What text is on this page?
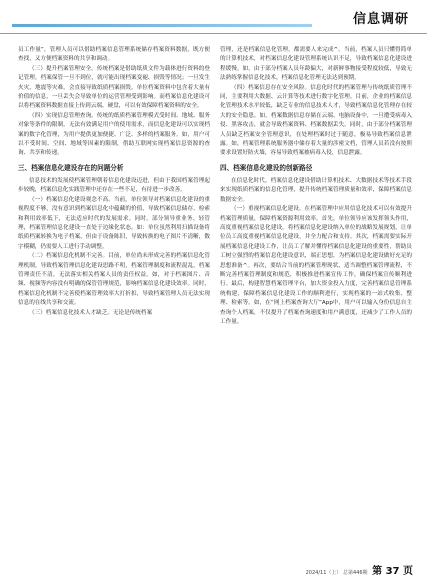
信息调研

员工作量”，管理人员可以借助档案信息管理系统储存档案资料数据，既方便查找，又方便档案资料的共享和调动。

（三）提升档案管理安全。传统档案是借助纸质文件为载体进行资料的登记管理，档案保管一旦不到位，就可能出现档案变褪、损毁等情况；一旦发生火灾、地震等灾难，会直接导致纸质档案损毁。单位档案资料中包含着大量有价值的信息，一旦丢失会导致单位的运营管理受到影响。而档案信息化建设可以将档案资料数据直接上传到云端、硬盘，可以有效保障档案资料的安全。

（四）实现信息管理查询。传统的纸质档案管理模式受时间、地域、服务对象等条件的限制，无法有效满足用户的使用需求，而信息化建设可以实现档案的数字化管理，为用户提供更加便捷、广泛、多样的档案服务。如，用户可以不受时间、空间、地域等因素的限制，借助互联网实现档案信息资源的查询、共享和传递。

三、档案信息化建设存在的问题分析

信息技术的发展使档案管理朝着信息化建设迈进，但由于我国档案管理起步较晚，档案信息化实践管理中还存在一些不足，有待进一步改善。

（一）档案信息化建设观念不高。当前，单位领导对档案信息化建设的重视程度不够，没有意识到档案信息化中蕴藏的价值，导致档案信息储存、检索和利用效率低下，无法适应时代的发展需求。同时，部分领导重业务、轻管理，档案管理信息化建设一直处于边缘化状态。如：单位虽然利用扫描设备将纸质档案转换为电子档案，但由于设备陈旧，导致转换的电子图片不清晰，数字模糊，仍需要人工进行手动调整。

（二）档案信息化机制不完善。目前，单位尚未形成完善的档案信息化管理机制，导致档案管理信息化建设思路不明，档案管理制度和流程混乱，档案管理责任不清，无法落实相关档案人员的责任权益。如，对于档案图片、音频、视频等内容没有明确的保管管理规范，影响档案信息化建设效率。同时，档案信息化机制不完善使档案管理效率大打折扣，导致档案管理人员无法实现信息的在线共享和交流。

（三）档案信息化技术人才缺乏。无论是传统档案

管理，还是档案信息化管理，都需要人来完成^。当前，档案人员只懂得简单的计算机技术，对档案信息化建设管理系统认识不足，导致档案信息化建设进程缓慢。如，由于部分档案人员年龄偏大，对新鲜事物接受程度较低，导致无法熟练掌握信息化技术，档案信息化管理无法达到预期。

（四）档案信息存在安全风险。信息化时代的档案管理与传统纸质管理不同，主要利用大数据、云计算等技术进行数字化管理。目前，企业的档案信息化管理技术水平较低，缺乏专业的信息技术人才，导致档案信息化管理存在较大的安全隐患。如，档案数据信息存储在云端、电脑设备中，一旦遭受病毒入侵、黑客攻击，就会导致档案资料、档案数据丢失。同时，由于部分档案管理人员缺乏档案安全管理意识，在处理档案时过于随意，极易导致档案信息泄露。如，档案管理系统服务器中储存着大量的涉密文档，管理人员若没有按照要求设置好防火墙，容易导致档案被病毒入侵，信息泄露。

四、档案信息化建设的创新路径

在信息化时代，档案信息化建设借助计算机技术、大数据技术等技术手段来实现纸质档案的信息化管理，提升传统档案管理质量和效率，保障档案信息数据安全。

（一）重视档案信息化建设。在档案管理中应用信息化技术可以有效提升档案管理质量，保障档案资源利用效率。首先，单位领导应该发挥领头作用，高度重视档案信息化建设，将档案信息化建设纳入单位的战略发展规划，让单位员工高度重视档案信息化建设，并全力配合和支持。其次，档案需要实际开展档案信息化建设工作，让员工了解并懂得档案信息化建设的重要性，帮助员工树立强烈的档案信息化建设意识，端正思想，为档案信息化建设做好充足的思想准备^。再次，要结合当前的档案管理现状，适当调整档案管理流程，不断完善档案管理制度和规范，积极推进档案宣传工作，确保档案宣传顺利进行。最后，构建智慧档案管理平台，加大资金投入力度，完善档案信息管理系统构建，保障档案信息化建设工作的顺利进行，实现档案的一站式收集、整理、检索等。如，在“网上档案查询大厅”App中，用户可以输入身份信息自主查询个人档案，不仅提升了档案查询速度和用户满意度，还减少了工作人员的工作量。

2024/11（上） 总第446期 第 37 页
